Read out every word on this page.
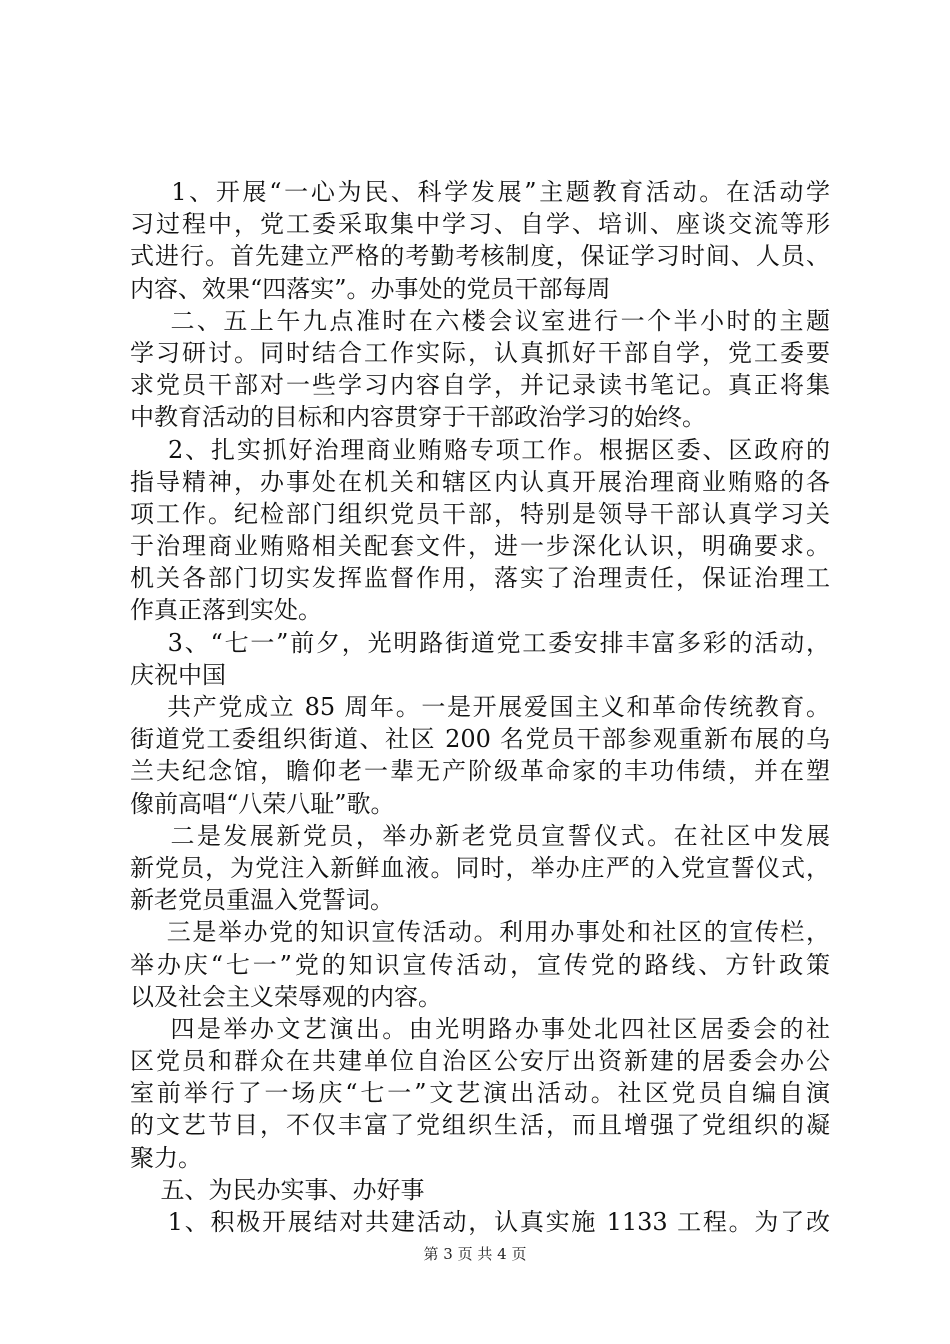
1、开展“一心为民、科学发展”主题教育活动。在活动学
习过程中，党工委采取集中学习、自学、培训、座谈交流等形
式进行。首先建立严格的考勤考核制度，保证学习时间、人员、
内容、效果“四落实”。办事处的党员干部每周
二、五上午九点准时在六楼会议室进行一个半小时的主题
学习研讨。同时结合工作实际，认真抓好干部自学，党工委要
求党员干部对一些学习内容自学，并记录读书笔记。真正将集
中教育活动的目标和内容贯穿于干部政治学习的始终。
2、扎实抓好治理商业贿赂专项工作。根据区委、区政府的
指导精神，办事处在机关和辖区内认真开展治理商业贿赂的各
项工作。纪检部门组织党员干部，特别是领导干部认真学习关
于治理商业贿赂相关配套文件，进一步深化认识，明确要求。
机关各部门切实发挥监督作用，落实了治理责任，保证治理工
作真正落到实处。
3、“七一”前夕，光明路街道党工委安排丰富多彩的活动，
庆祝中国
共产党成立 85 周年。一是开展爱国主义和革命传统教育。
街道党工委组织街道、社区 200 名党员干部参观重新布展的乌
兰夫纪念馆，瞻仰老一辈无产阶级革命家的丰功伟绩，并在塑
像前高唱“八荣八耻”歌。
二是发展新党员，举办新老党员宣誓仪式。在社区中发展
新党员，为党注入新鲜血液。同时，举办庄严的入党宣誓仪式，
新老党员重温入党誓词。
三是举办党的知识宣传活动。利用办事处和社区的宣传栏，
举办庆“七一”党的知识宣传活动，宣传党的路线、方针政策
以及社会主义荣辱观的内容。
四是举办文艺演出。由光明路办事处北四社区居委会的社
区党员和群众在共建单位自治区公安厅出资新建的居委会办公
室前举行了一场庆“七一”文艺演出活动。社区党员自编自演
的文艺节目，不仅丰富了党组织生活，而且增强了党组织的凝
聚力。
五、为民办实事、办好事
1、积极开展结对共建活动，认真实施 1133 工程。为了改
第 3 页 共 4 页
